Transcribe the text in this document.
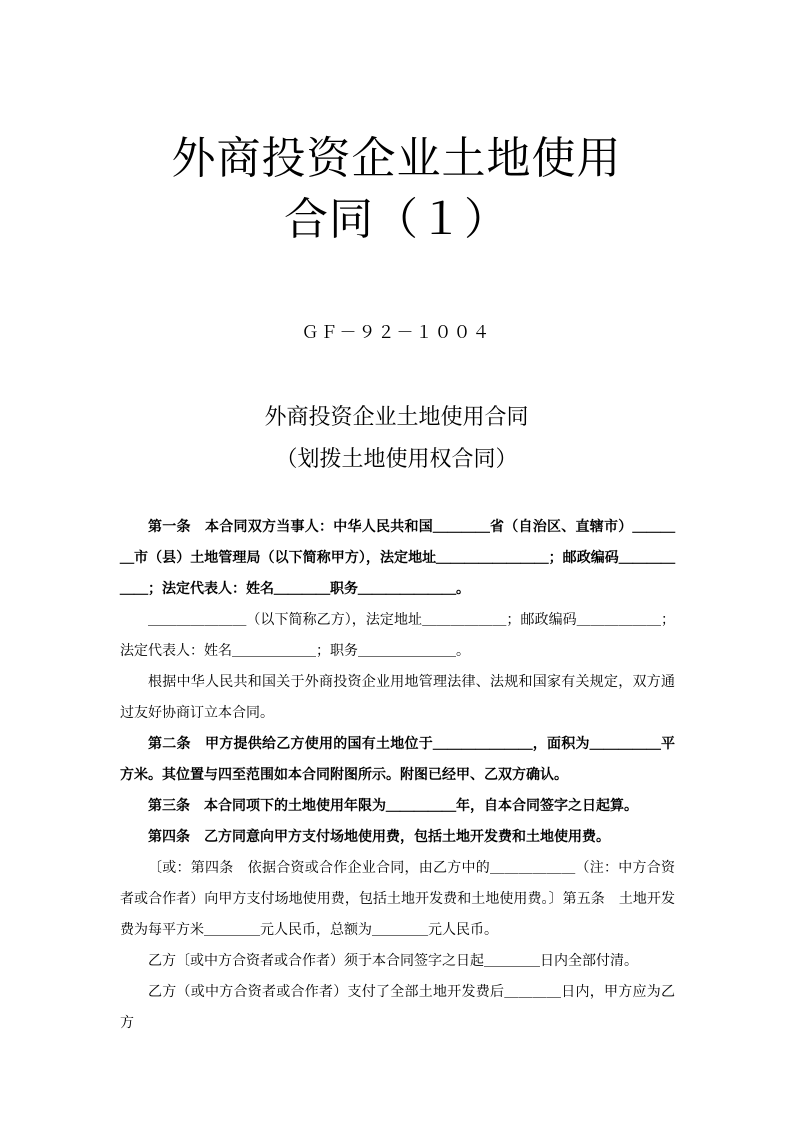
外商投资企业土地使用
合同（１）
ＧＦ－９２－１００４
外商投资企业土地使用合同
（划拨土地使用权合同）

第一条　本合同双方当事人：中华人民共和国＿＿＿＿省（自治区、直辖市）＿＿＿＿市（县）土地管理局（以下简称甲方），法定地址＿＿＿＿＿＿＿＿；邮政编码＿＿＿＿＿＿；法定代表人：姓名＿＿＿＿职务＿＿＿＿＿＿＿。

＿＿＿＿＿＿＿（以下简称乙方），法定地址＿＿＿＿＿＿；邮政编码＿＿＿＿＿＿；法定代表人：姓名＿＿＿＿＿＿；职务＿＿＿＿＿＿＿。

根据中华人民共和国关于外商投资企业用地管理法律、法规和国家有关规定，双方通过友好协商订立本合同。

第二条　甲方提供给乙方使用的国有土地位于＿＿＿＿＿＿＿，面积为＿＿＿＿＿平方米。其位置与四至范围如本合同附图所示。附图已经甲、乙双方确认。

第三条　本合同项下的土地使用年限为＿＿＿＿＿年，自本合同签字之日起算。

第四条　乙方同意向甲方支付场地使用费，包括土地开发费和土地使用费。

〔或：第四条　依据合资或合作企业合同，由乙方中的＿＿＿＿＿＿（注：中方合资者或合作者）向甲方支付场地使用费，包括土地开发费和土地使用费。〕第五条　土地开发费为每平方米＿＿＿＿元人民币，总额为＿＿＿＿元人民币。

乙方〔或中方合资者或合作者）须于本合同签字之日起＿＿＿＿日内全部付清。

乙方（或中方合资者或合作者）支付了全部土地开发费后＿＿＿＿日内，甲方应为乙方
